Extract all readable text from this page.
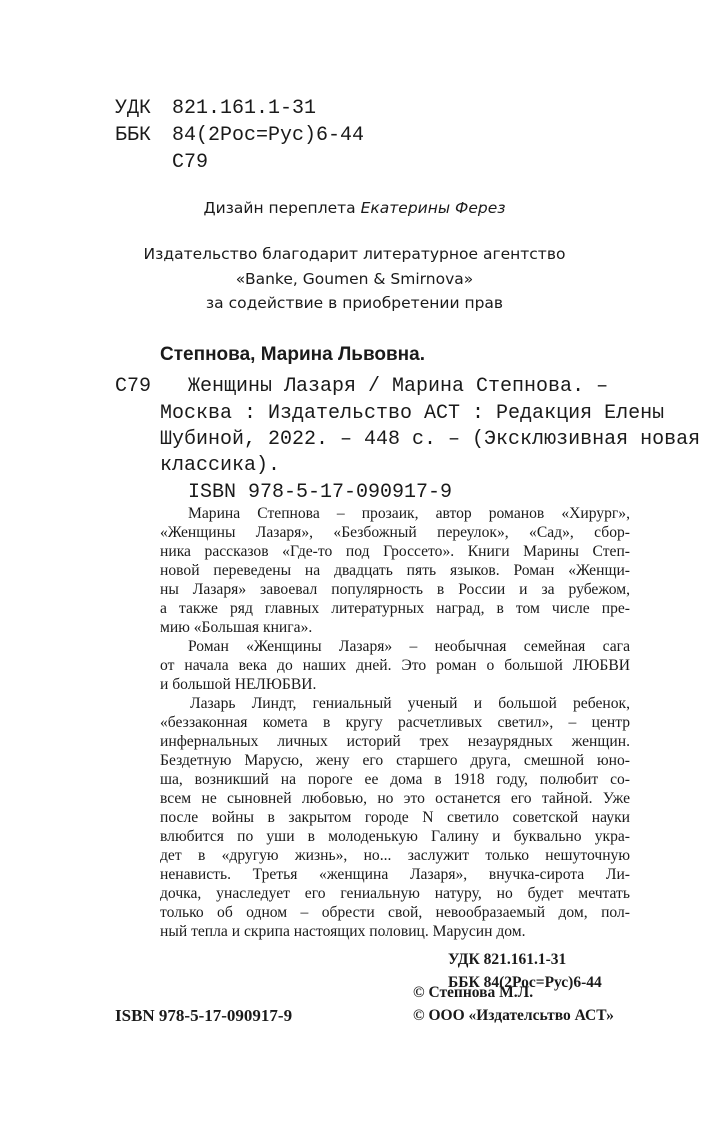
УДК 821.161.1-31
ББК 84(2Рос=Рус)6-44
С79
Дизайн переплета Екатерины Ферез
Издательство благодарит литературное агентство
«Banke, Goumen & Smirnova»
за содействие в приобретении прав
Степнова, Марина Львовна.
С79 Женщины Лазаря / Марина Степнова. –
Москва : Издательство АСТ : Редакция Елены
Шубиной, 2022. – 448 с. – (Эксклюзивная новая
классика).
ISBN 978-5-17-090917-9

Марина Степнова – прозаик, автор романов «Хирург»,

«Женщины Лазаря», «Безбожный переулок», «Сад», сбор-

ника рассказов «Где-то под Гроссето». Книги Марины Степ-

новой переведены на двадцать пять языков. Роман «Женщи-

ны Лазаря» завоевал популярность в России и за рубежом,

а также ряд главных литературных наград, в том числе пре-

мию «Большая книга».

Роман «Женщины Лазаря» – необычная семейная сага

от начала века до наших дней. Это роман о большой ЛЮБВИ

и большой НЕЛЮБВИ.

Лазарь Линдт, гениальный ученый и большой ребенок,

«беззаконная комета в кругу расчетливых светил», – центр

инфернальных личных историй трех незаурядных женщин.

Бездетную Марусю, жену его старшего друга, смешной юно-

ша, возникший на пороге ее дома в 1918 году, полюбит со-

всем не сыновней любовью, но это останется его тайной. Уже

после войны в закрытом городе N светило советской науки

влюбится по уши в молоденькую Галину и буквально укра-

дет в «другую жизнь», но... заслужит только нешуточную

ненависть. Третья «женщина Лазаря», внучка-сирота Ли-

дочка, унаследует его гениальную натуру, но будет мечтать

только об одном – обрести свой, невообразаемый дом, пол-

ный тепла и скрипа настоящих половиц. Марусин дом.

УДК 821.161.1-31
ББК 84(2Рос=Рус)6-44
© Степнова М.Л.
ISBN 978-5-17-090917-9	© ООО «Издателсьтво АСТ»
